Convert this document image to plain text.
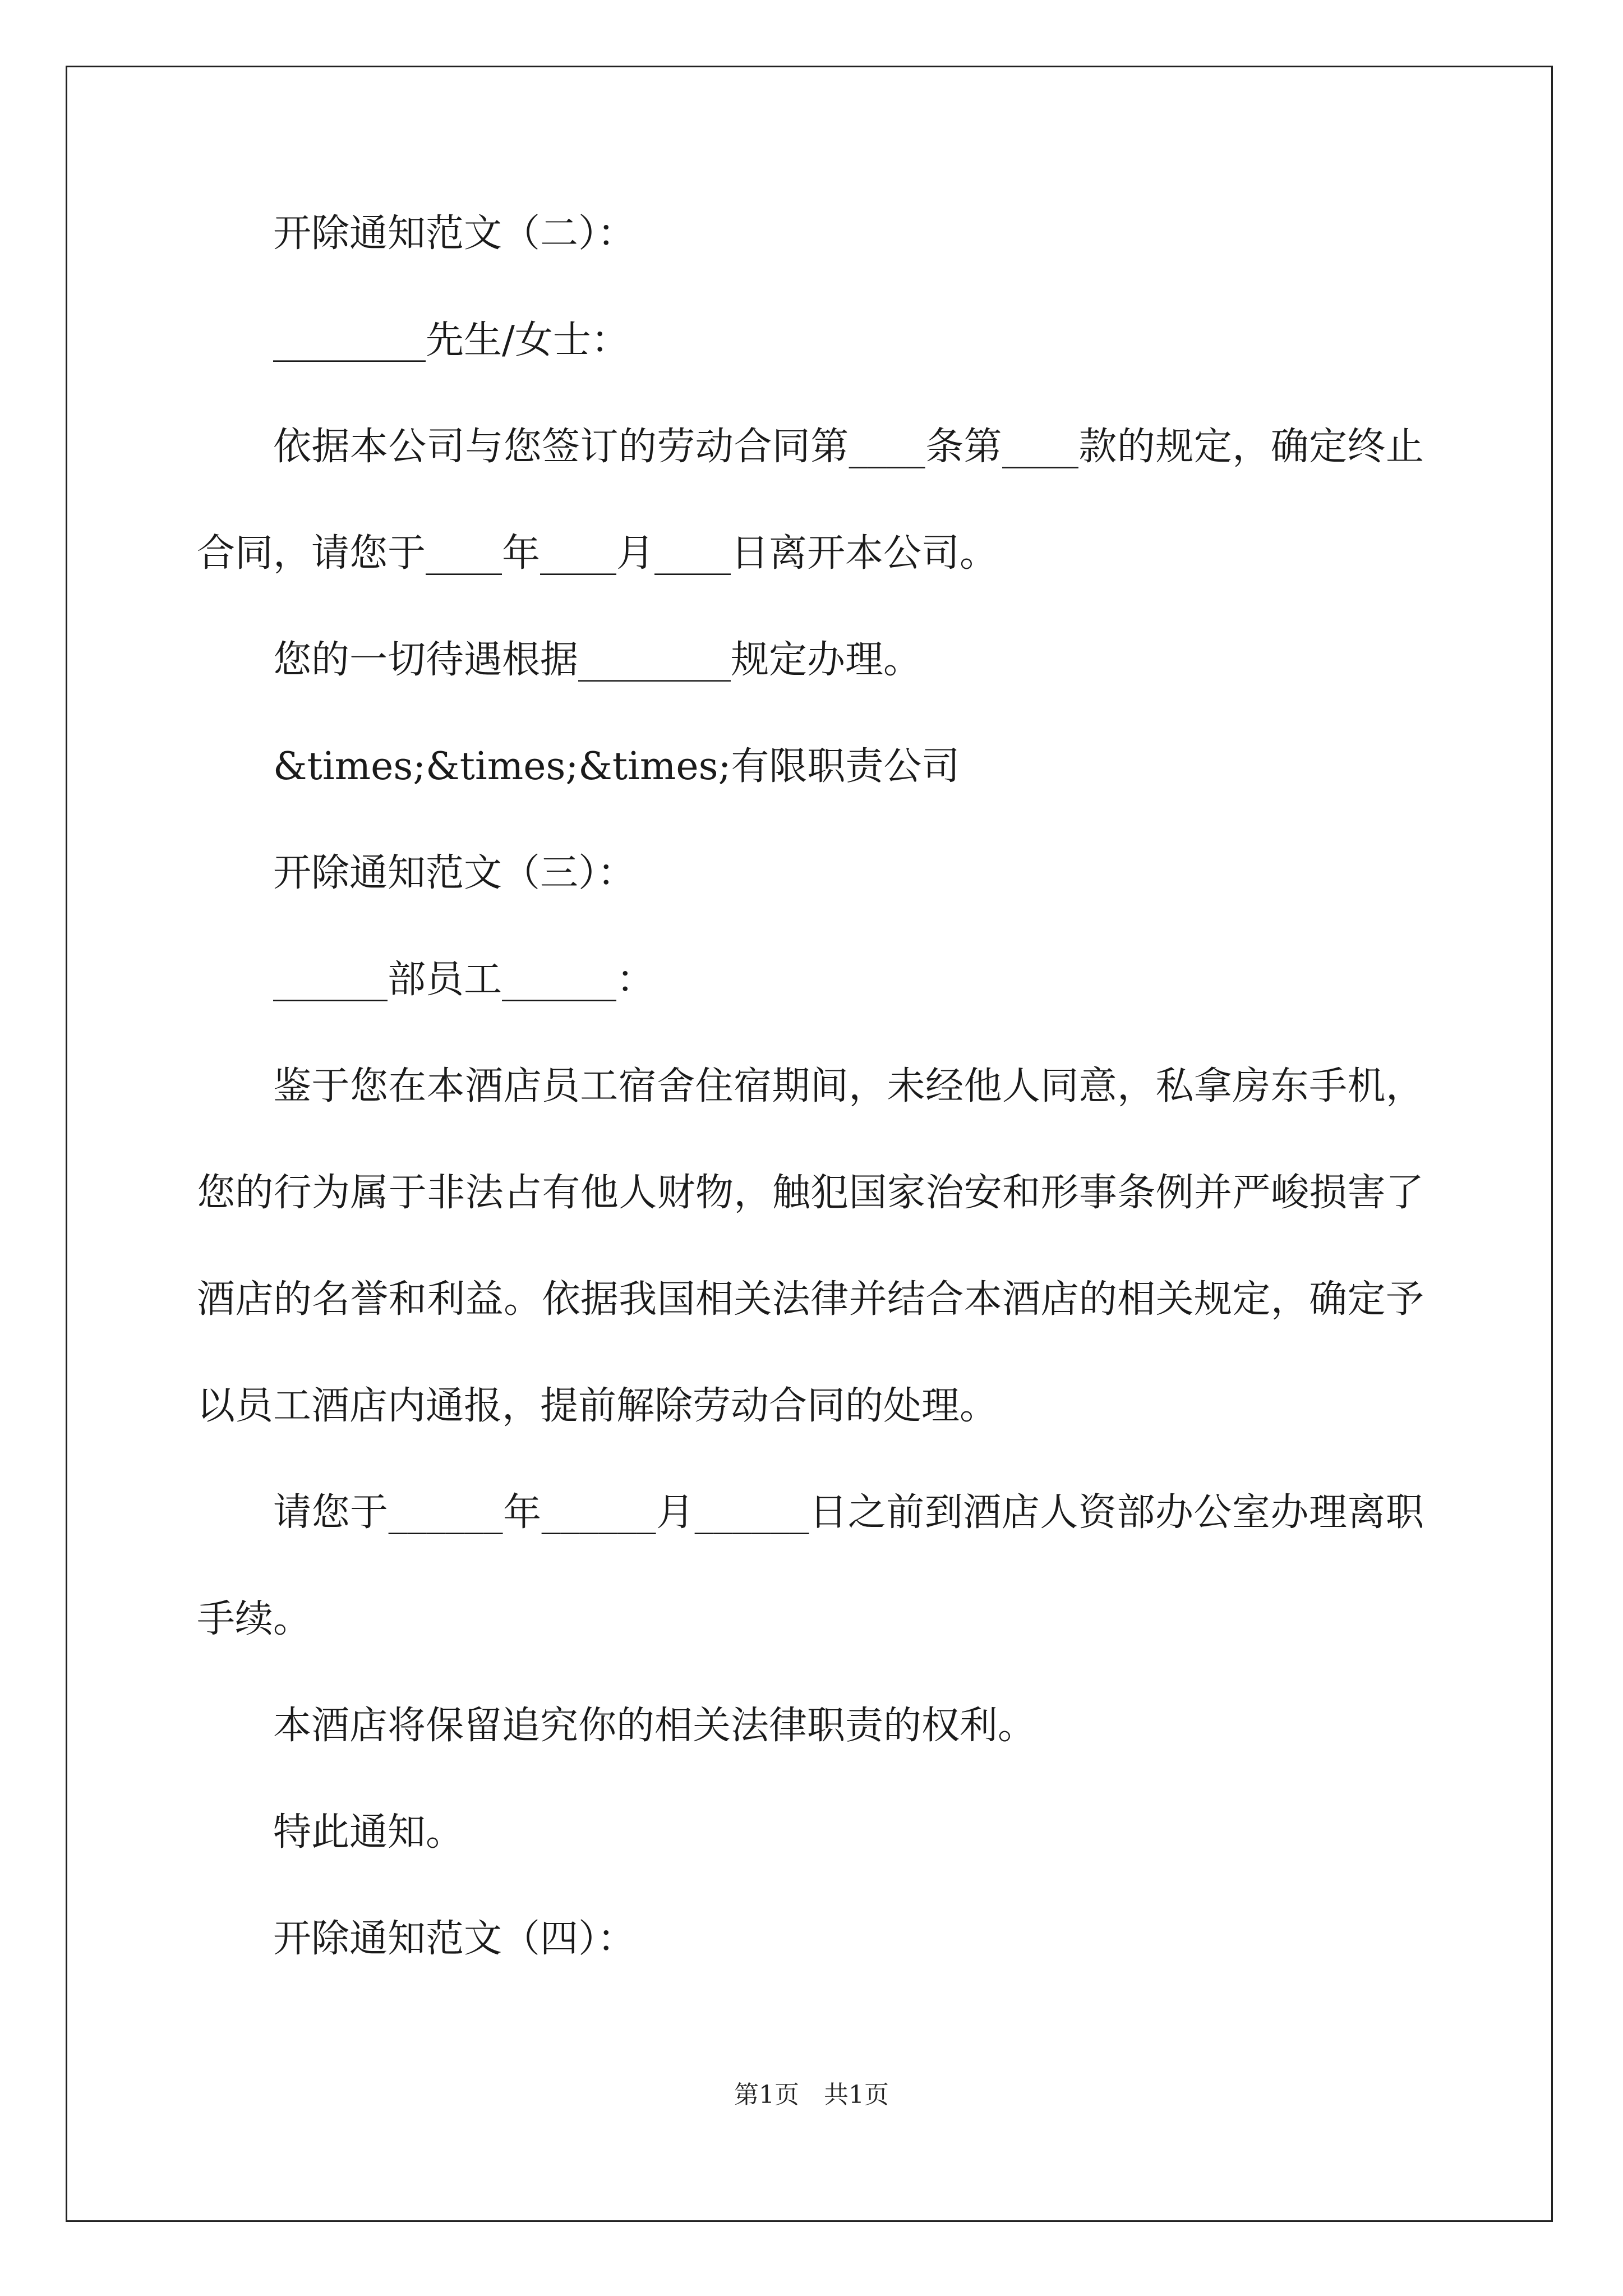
开除通知范文（二）：

________先生/女士：

依据本公司与您签订的劳动合同第____条第____款的规定，确定终止合同，请您于____年____月____日离开本公司。

您的一切待遇根据________规定办理。

&times;&times;&times;有限职责公司

开除通知范文（三）：

______部员工______：

鉴于您在本酒店员工宿舍住宿期间，未经他人同意，私拿房东手机，您的行为属于非法占有他人财物，触犯国家治安和形事条例并严峻损害了酒店的名誉和利益。依据我国相关法律并结合本酒店的相关规定，确定予以员工酒店内通报，提前解除劳动合同的处理。

请您于______年______月______日之前到酒店人资部办公室办理离职手续。

本酒店将保留追究你的相关法律职责的权利。

特此通知。

开除通知范文（四）：

第1页　共1页
